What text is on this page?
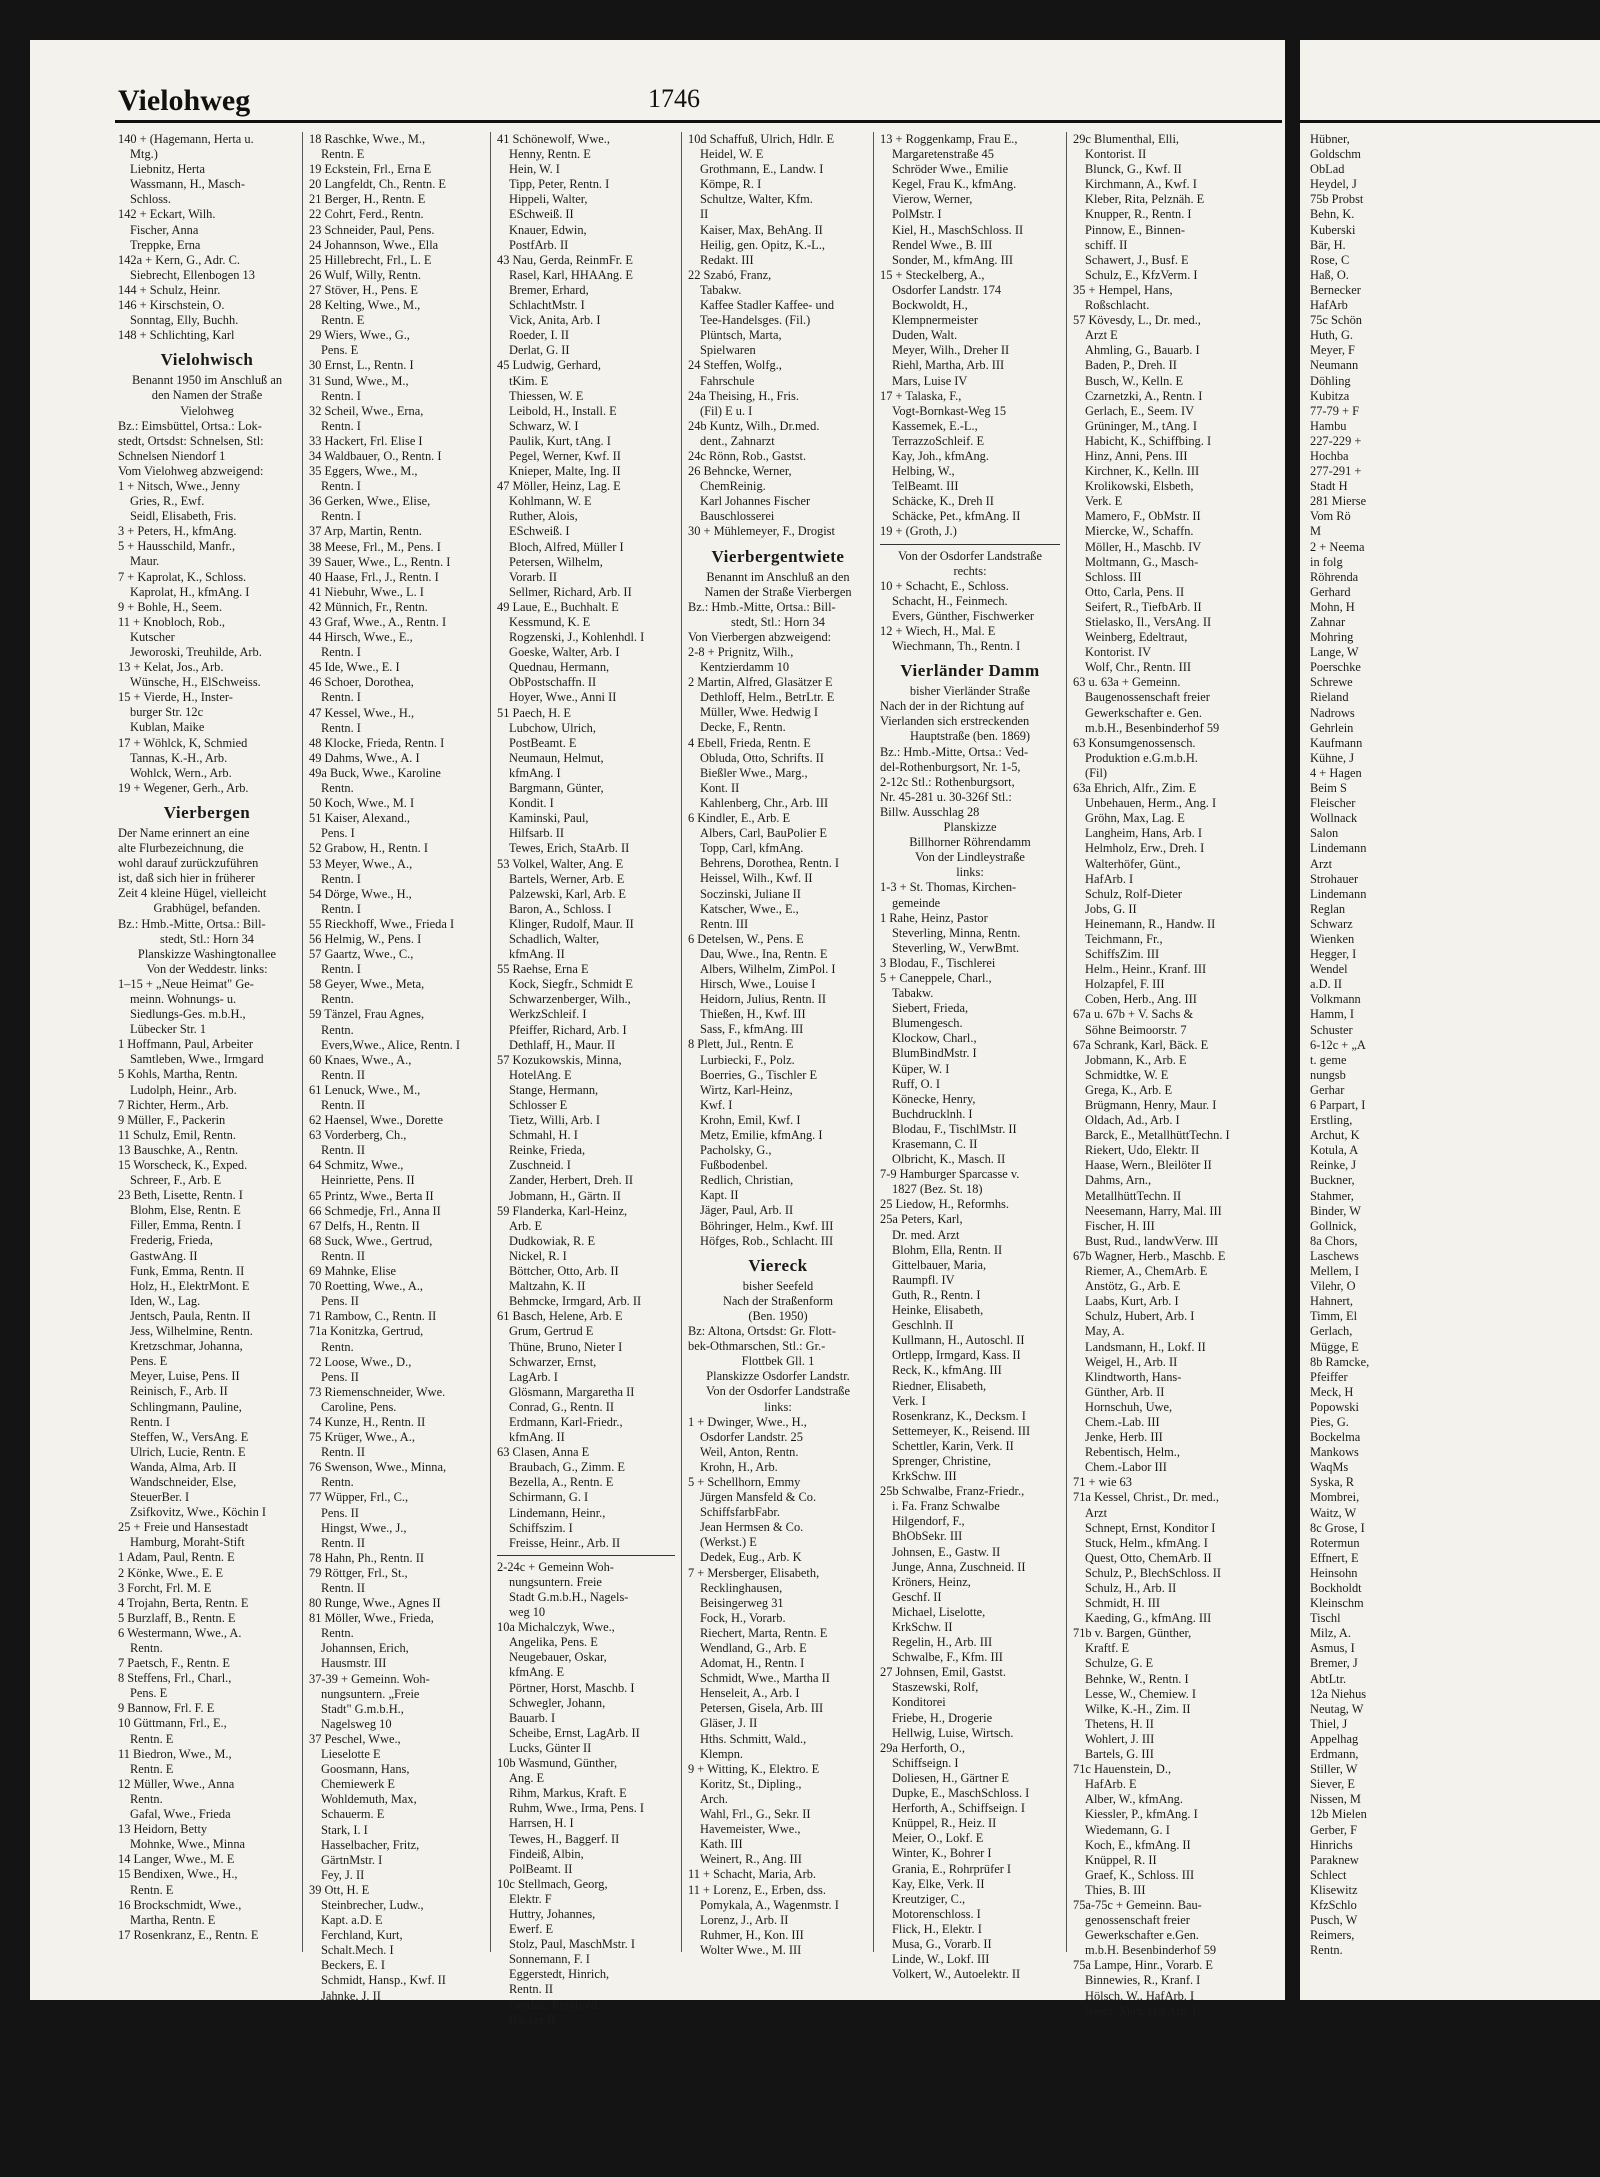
Vielohweg	1746
140 + (Hagemann, Herta u.
Mtg.)
Liebnitz, Herta
Wassmann, H., Masch-
Schloss.
142 + Eckart, Wilh.
Fischer, Anna
Treppke, Erna
142a + Kern, G., Adr. C.
Siebrecht, Ellenbogen 13
144 + Schulz, Heinr.
146 + Kirschstein, O.
Sonntag, Elly, Buchh.
148 + Schlichting, Karl
Vielohwisch
Benannt 1950 im Anschluß an
den Namen der Straße
Vielohweg
Bz.: Eimsbüttel, Ortsa.: Lok-
stedt, Ortsdst: Schnelsen, Stl:
Schnelsen Niendorf 1
Vom Vielohweg abzweigend:
1 + Nitsch, Wwe., Jenny
Gries, R., Ewf.
Seidl, Elisabeth, Fris.
3 + Peters, H., kfmAng.
5 + Hausschild, Manfr.,
Maur.
7 + Kaprolat, K., Schloss.
Kaprolat, H., kfmAng. I
9 + Bohle, H., Seem.
11 + Knobloch, Rob.,
Kutscher
Jeworoski, Treuhilde, Arb.
13 + Kelat, Jos., Arb.
Wünsche, H., ElSchweiss.
15 + Vierde, H., Inster-
burger Str. 12c
Kublan, Maike
17 + Wöhlck, K, Schmied
Tannas, K.-H., Arb.
Wohlck, Wern., Arb.
19 + Wegener, Gerh., Arb.
Vierbergen
Der Name erinnert an eine
alte Flurbezeichnung, die
wohl darauf zurückzuführen
ist, daß sich hier in früherer
Zeit 4 kleine Hügel, vielleicht
Grabhügel, befanden.
Bz.: Hmb.-Mitte, Ortsa.: Bill-
stedt, Stl.: Horn 34
Planskizze Washingtonallee
Von der Weddestr. links:
1–15 + „Neue Heimat" Ge-
meinn. Wohnungs- u.
Siedlungs-Ges. m.b.H.,
Lübecker Str. 1
1 Hoffmann, Paul, Arbeiter
Samtleben, Wwe., Irmgard
5 Kohls, Martha, Rentn.
Ludolph, Heinr., Arb.
7 Richter, Herm., Arb.
9 Müller, F., Packerin
11 Schulz, Emil, Rentn.
13 Bauschke, A., Rentn.
15 Worscheck, K., Exped.
Schreer, F., Arb. E
23 Beth, Lisette, Rentn. I
Blohm, Else, Rentn. E
Filler, Emma, Rentn. I
Frederig, Frieda,
GastwAng. II
Funk, Emma, Rentn. II
Holz, H., ElektrMont. E
Iden, W., Lag.
Jentsch, Paula, Rentn. II
Jess, Wilhelmine, Rentn.
Kretzschmar, Johanna,
Pens. E
Meyer, Luise, Pens. II
Reinisch, F., Arb. II
Schlingmann, Pauline,
Rentn. I
Steffen, W., VersAng. E
Ulrich, Lucie, Rentn. E
Wanda, Alma, Arb. II
Wandschneider, Else,
SteuerBer. I
Zsifkovitz, Wwe., Köchin I
25 + Freie und Hansestadt
Hamburg, Moraht-Stift
1 Adam, Paul, Rentn. E
2 Könke, Wwe., E. E
3 Forcht, Frl. M. E
4 Trojahn, Berta, Rentn. E
5 Burzlaff, B., Rentn. E
6 Westermann, Wwe., A.
Rentn.
7 Paetsch, F., Rentn. E
8 Steffens, Frl., Charl.,
Pens. E
9 Bannow, Frl. F. E
10 Güttmann, Frl., E.,
Rentn. E
11 Biedron, Wwe., M.,
Rentn. E
12 Müller, Wwe., Anna
Rentn.
Gafal, Wwe., Frieda
13 Heidorn, Betty
Mohnke, Wwe., Minna
14 Langer, Wwe., M. E
15 Bendixen, Wwe., H.,
Rentn. E
16 Brockschmidt, Wwe.,
Martha, Rentn. E
17 Rosenkranz, E., Rentn. E
18 Raschke, Wwe., M.,
Rentn. E
19 Eckstein, Frl., Erna E
20 Langfeldt, Ch., Rentn. E
21 Berger, H., Rentn. E
22 Cohrt, Ferd., Rentn.
23 Schneider, Paul, Pens.
24 Johannson, Wwe., Ella
25 Hillebrecht, Frl., L. E
26 Wulf, Willy, Rentn.
27 Stöver, H., Pens. E
28 Kelting, Wwe., M.,
Rentn. E
29 Wiers, Wwe., G.,
Pens. E
30 Ernst, L., Rentn. I
31 Sund, Wwe., M.,
Rentn. I
32 Scheil, Wwe., Erna,
Rentn. I
33 Hackert, Frl. Elise I
34 Waldbauer, O., Rentn. I
35 Eggers, Wwe., M.,
Rentn. I
36 Gerken, Wwe., Elise,
Rentn. I
37 Arp, Martin, Rentn.
38 Meese, Frl., M., Pens. I
39 Sauer, Wwe., L., Rentn. I
40 Haase, Frl., J., Rentn. I
41 Niebuhr, Wwe., L. I
42 Münnich, Fr., Rentn.
43 Graf, Wwe., A., Rentn. I
44 Hirsch, Wwe., E.,
Rentn. I
45 Ide, Wwe., E. I
46 Schoer, Dorothea,
Rentn. I
47 Kessel, Wwe., H.,
Rentn. I
48 Klocke, Frieda, Rentn. I
49 Dahms, Wwe., A. I
49a Buck, Wwe., Karoline
Rentn.
50 Koch, Wwe., M. I
51 Kaiser, Alexand.,
Pens. I
52 Grabow, H., Rentn. I
53 Meyer, Wwe., A.,
Rentn. I
54 Dörge, Wwe., H.,
Rentn. I
55 Rieckhoff, Wwe., Frieda I
56 Helmig, W., Pens. I
57 Gaartz, Wwe., C.,
Rentn. I
58 Geyer, Wwe., Meta,
Rentn.
59 Tänzel, Frau Agnes,
Rentn.
Evers,Wwe., Alice, Rentn. I
60 Knaes, Wwe., A.,
Rentn. II
61 Lenuck, Wwe., M.,
Rentn. II
62 Haensel, Wwe., Dorette
63 Vorderberg, Ch.,
Rentn. II
64 Schmitz, Wwe.,
Heinriette, Pens. II
65 Printz, Wwe., Berta II
66 Schmedje, Frl., Anna II
67 Delfs, H., Rentn. II
68 Suck, Wwe., Gertrud,
Rentn. II
69 Mahnke, Elise
70 Roetting, Wwe., A.,
Pens. II
71 Rambow, C., Rentn. II
71a Konitzka, Gertrud,
Rentn.
72 Loose, Wwe., D.,
Pens. II
73 Riemenschneider, Wwe.
Caroline, Pens.
74 Kunze, H., Rentn. II
75 Krüger, Wwe., A.,
Rentn. II
76 Swenson, Wwe., Minna,
Rentn.
77 Wüpper, Frl., C.,
Pens. II
Hingst, Wwe., J.,
Rentn. II
78 Hahn, Ph., Rentn. II
79 Röttger, Frl., St.,
Rentn. II
80 Runge, Wwe., Agnes II
81 Möller, Wwe., Frieda,
Rentn.
Johannsen, Erich,
Hausmstr. III
37-39 + Gemeinn. Woh-
nungsuntern. „Freie
Stadt" G.m.b.H.,
Nagelsweg 10
37 Peschel, Wwe.,
Lieselotte E
Goosmann, Hans,
Chemiewerk E
Wohldemuth, Max,
Schauerm. E
Stark, I. I
Hasselbacher, Fritz,
GärtnMstr. I
Fey, J. II
39 Ott, H. E
Steinbrecher, Ludw.,
Kapt. a.D. E
Ferchland, Kurt,
Schalt.Mech. I
Beckers, E. I
Schmidt, Hansp., Kwf. II
Jahnke, J. II
41 Schönewolf, Wwe.,
Henny, Rentn. E
Hein, W. I
Tipp, Peter, Rentn. I
Hippeli, Walter,
ESchweiß. II
Knauer, Edwin,
PostfArb. II
43 Nau, Gerda, ReinmFr. E
Rasel, Karl, HHAAng. E
Bremer, Erhard,
SchlachtMstr. I
Vick, Anita, Arb. I
Roeder, I. II
Derlat, G. II
45 Ludwig, Gerhard,
tKim. E
Thiessen, W. E
Leibold, H., Install. E
Schwarz, W. I
Paulik, Kurt, tAng. I
Pegel, Werner, Kwf. II
Knieper, Malte, Ing. II
47 Möller, Heinz, Lag. E
Kohlmann, W. E
Ruther, Alois,
ESchweiß. I
Bloch, Alfred, Müller I
Petersen, Wilhelm,
Vorarb. II
Sellmer, Richard, Arb. II
49 Laue, E., Buchhalt. E
Kessmund, K. E
Rogzenski, J., Kohlenhdl. I
Goeske, Walter, Arb. I
Quednau, Hermann,
ObPostschaffn. II
Hoyer, Wwe., Anni II
51 Paech, H. E
Lubchow, Ulrich,
PostBeamt. E
Neumaun, Helmut,
kfmAng. I
Bargmann, Günter,
Kondit. I
Kaminski, Paul,
Hilfsarb. II
Tewes, Erich, StaArb. II
53 Volkel, Walter, Ang. E
Bartels, Werner, Arb. E
Palzewski, Karl, Arb. E
Baron, A., Schloss. I
Klinger, Rudolf, Maur. II
Schadlich, Walter,
kfmAng. II
55 Raehse, Erna E
Kock, Siegfr., Schmidt E
Schwarzenberger, Wilh.,
WerkzSchleif. I
Pfeiffer, Richard, Arb. I
Dethlaff, H., Maur. II
57 Kozukowskis, Minna,
HotelAng. E
Stange, Hermann,
Schlosser E
Tietz, Willi, Arb. I
Schmahl, H. I
Reinke, Frieda,
Zuschneid. I
Zander, Herbert, Dreh. II
Jobmann, H., Gärtn. II
59 Flanderka, Karl-Heinz,
Arb. E
Dudkowiak, R. E
Nickel, R. I
Böttcher, Otto, Arb. II
Maltzahn, K. II
Behmcke, Irmgard, Arb. II
61 Basch, Helene, Arb. E
Grum, Gertrud E
Thüne, Bruno, Nieter I
Schwarzer, Ernst,
LagArb. I
Glösmann, Margaretha II
Conrad, G., Rentn. II
Erdmann, Karl-Friedr.,
kfmAng. II
63 Clasen, Anna E
Braubach, G., Zimm. E
Bezella, A., Rentn. E
Schirmann, G. I
Lindemann, Heinr.,
Schiffszim. I
Freisse, Heinr., Arb. II
2-24c + Gemeinn Woh-
nungsuntern. Freie
Stadt G.m.b.H., Nagels-
weg 10
10a Michalczyk, Wwe.,
Angelika, Pens. E
Neugebauer, Oskar,
kfmAng. E
Pörtner, Horst, Maschb. I
Schwegler, Johann,
Bauarb. I
Scheibe, Ernst, LagArb. II
Lucks, Günter II
10b Wasmund, Günther,
Ang. E
Rihm, Markus, Kraft. E
Ruhm, Wwe., Irma, Pens. I
Harrsen, H. I
Tewes, H., Baggerf. II
Findeiß, Albin,
PolBeamt. II
10c Stellmach, Georg,
Elektr. F
Huttry, Johannes,
Ewerf. E
Stolz, Paul, MaschMstr. I
Sonnemann, F. I
Eggerstedt, Hinrich,
Rentn. II
Gerdau, Reinhold,
Bäcker II
10d Schaffuß, Ulrich, Hdlr. E
Heidel, W. E
Grothmann, E., Landw. I
Kömpe, R. I
Schultze, Walter, Kfm.
II
Kaiser, Max, BehAng. II
Heilig, gen. Opitz, K.-L.,
Redakt. III
22 Szabó, Franz,
Tabakw.
Kaffee Stadler Kaffee- und
Tee-Handelsges. (Fil.)
Plüntsch, Marta,
Spielwaren
24 Steffen, Wolfg.,
Fahrschule
24a Theising, H., Fris.
(Fil) E u. I
24b Kuntz, Wilh., Dr.med.
dent., Zahnarzt
24c Rönn, Rob., Gastst.
26 Behncke, Werner,
ChemReinig.
Karl Johannes Fischer
Bauschlosserei
30 + Mühlemeyer, F., Drogist
Vierbergentwiete
Benannt im Anschluß an den
Namen der Straße Vierbergen
Bz.: Hmb.-Mitte, Ortsa.: Bill-
stedt, Stl.: Horn 34
Von Vierbergen abzweigend:
2-8 + Prignitz, Wilh.,
Kentzierdamm 10
2 Martin, Alfred, Glasätzer E
Dethloff, Helm., BetrLtr. E
Müller, Wwe. Hedwig I
Decke, F., Rentn.
4 Ebell, Frieda, Rentn. E
Obluda, Otto, Schrifts. II
Bießler Wwe., Marg.,
Kont. II
Kahlenberg, Chr., Arb. III
6 Kindler, E., Arb. E
Albers, Carl, BauPolier E
Topp, Carl, kfmAng.
Behrens, Dorothea, Rentn. I
Heissel, Wilh., Kwf. II
Soczinski, Juliane II
Katscher, Wwe., E.,
Rentn. III
6 Detelsen, W., Pens. E
Dau, Wwe., Ina, Rentn. E
Albers, Wilhelm, ZimPol. I
Hirsch, Wwe., Louise I
Heidorn, Julius, Rentn. II
Thießen, H., Kwf. III
Sass, F., kfmAng. III
8 Plett, Jul., Rentn. E
Lurbiecki, F., Polz.
Boerries, G., Tischler E
Wirtz, Karl-Heinz,
Kwf. I
Krohn, Emil, Kwf. I
Metz, Emilie, kfmAng. I
Pacholsky, G.,
Fußbodenbel.
Redlich, Christian,
Kapt. II
Jäger, Paul, Arb. II
Böhringer, Helm., Kwf. III
Höfges, Rob., Schlacht. III
Viereck
bisher Seefeld
Nach der Straßenform
(Ben. 1950)
Bz: Altona, Ortsdst: Gr. Flott-
bek-Othmarschen, Stl.: Gr.-
Flottbek Gll. 1
Planskizze Osdorfer Landstr.
Von der Osdorfer Landstraße
links:
1 + Dwinger, Wwe., H.,
Osdorfer Landstr. 25
Weil, Anton, Rentn.
Krohn, H., Arb.
5 + Schellhorn, Emmy
Jürgen Mansfeld & Co.
SchiffsfarbFabr.
Jean Hermsen & Co.
(Werkst.) E
Dedek, Eug., Arb. K
7 + Mersberger, Elisabeth,
Recklinghausen,
Beisingerweg 31
Fock, H., Vorarb.
Riechert, Marta, Rentn. E
Wendland, G., Arb. E
Adomat, H., Rentn. I
Schmidt, Wwe., Martha II
Henseleit, A., Arb. I
Petersen, Gisela, Arb. III
Gläser, J. II
Hths. Schmitt, Wald.,
Klempn.
9 + Witting, K., Elektro. E
Koritz, St., Dipling.,
Arch.
Wahl, Frl., G., Sekr. II
Havemeister, Wwe.,
Kath. III
Weinert, R., Ang. III
11 + Schacht, Maria, Arb.
11 + Lorenz, E., Erben, dss.
Pomykala, A., Wagenmstr. I
Lorenz, J., Arb. II
Ruhmer, H., Kon. III
Wolter Wwe., M. III
13 + Roggenkamp, Frau E.,
Margaretenstraße 45
Schröder Wwe., Emilie
Kegel, Frau K., kfmAng.
Vierow, Werner,
PolMstr. I
Kiel, H., MaschSchloss. II
Rendel Wwe., B. III
Sonder, M., kfmAng. III
15 + Steckelberg, A.,
Osdorfer Landstr. 174
Bockwoldt, H.,
Klempnermeister
Duden, Walt.
Meyer, Wilh., Dreher II
Riehl, Martha, Arb. III
Mars, Luise IV
17 + Talaska, F.,
Vogt-Bornkast-Weg 15
Kassemek, E.-L.,
TerrazzoSchleif. E
Kay, Joh., kfmAng.
Helbing, W.,
TelBeamt. III
Schäcke, K., Dreh II
Schäcke, Pet., kfmAng. II
19 + (Groth, J.)
Von der Osdorfer Landstraße
rechts:
10 + Schacht, E., Schloss.
Schacht, H., Feinmech.
Evers, Günther, Fischwerker
12 + Wiech, H., Mal. E
Wiechmann, Th., Rentn. I
Vierländer Damm
bisher Vierländer Straße
Nach der in der Richtung auf
Vierlanden sich erstreckenden
Hauptstraße (ben. 1869)
Bz.: Hmb.-Mitte, Ortsa.: Ved-
del-Rothenburgsort, Nr. 1-5,
2-12c Stl.: Rothenburgsort,
Nr. 45-281 u. 30-326f Stl.:
Billw. Ausschlag 28
Planskizze
Billhorner Röhrendamm
Von der Lindleystraße
links:
1-3 + St. Thomas, Kirchen-
gemeinde
1 Rahe, Heinz, Pastor
Steverling, Minna, Rentn.
Steverling, W., VerwBmt.
3 Blodau, F., Tischlerei
5 + Caneppele, Charl.,
Tabakw.
Siebert, Frieda,
Blumengesch.
Klockow, Charl.,
BlumBindMstr. I
Küper, W. I
Ruff, O. I
Könecke, Henry,
Buchdrucklnh. I
Blodau, F., TischlMstr. II
Krasemann, C. II
Olbricht, K., Masch. II
7-9 Hamburger Sparcasse v.
1827 (Bez. St. 18)
25 Liedow, H., Reformhs.
25a Peters, Karl,
Dr. med. Arzt
Blohm, Ella, Rentn. II
Gittelbauer, Maria,
Raumpfl. IV
Guth, R., Rentn. I
Heinke, Elisabeth,
Geschlnh. II
Kullmann, H., Autoschl. II
Ortlepp, Irmgard, Kass. II
Reck, K., kfmAng. III
Riedner, Elisabeth,
Verk. I
Rosenkranz, K., Decksm. I
Settemeyer, K., Reisend. III
Schettler, Karin, Verk. II
Sprenger, Christine,
KrkSchw. III
25b Schwalbe, Franz-Friedr.,
i. Fa. Franz Schwalbe
Hilgendorf, F.,
BhObSekr. III
Johnsen, E., Gastw. II
Junge, Anna, Zuschneid. II
Kröners, Heinz,
Geschf. II
Michael, Liselotte,
KrkSchw. II
Regelin, H., Arb. III
Schwalbe, F., Kfm. III
27 Johnsen, Emil, Gastst.
Staszewski, Rolf,
Konditorei
Friebe, H., Drogerie
Hellwig, Luise, Wirtsch.
29a Herforth, O.,
Schiffseign. I
Doliesen, H., Gärtner E
Dupke, E., MaschSchloss. I
Herforth, A., Schiffseign. I
Knüppel, R., Heiz. II
Meier, O., Lokf. E
Winter, K., Bohrer I
Grania, E., Rohrprüfer I
Kay, Elke, Verk. II
Kreutziger, C.,
Motorenschloss. I
Flick, H., Elektr. I
Musa, G., Vorarb. II
Linde, W., Lokf. III
Volkert, W., Autoelektr. II
29c Blumenthal, Elli,
Kontorist. II
Blunck, G., Kwf. II
Kirchmann, A., Kwf. I
Kleber, Rita, Pelznäh. E
Knupper, R., Rentn. I
Pinnow, E., Binnen-
schiff. II
Schawert, J., Busf. E
Schulz, E., KfzVerm. I
35 + Hempel, Hans,
Roßschlacht.
57 Kövesdy, L., Dr. med.,
Arzt E
Ahmling, G., Bauarb. I
Baden, P., Dreh. II
Busch, W., Kelln. E
Czarnetzki, A., Rentn. I
Gerlach, E., Seem. IV
Grüninger, M., tAng. I
Habicht, K., Schiffbing. I
Hinz, Anni, Pens. III
Kirchner, K., Kelln. III
Krolikowski, Elsbeth,
Verk. E
Mamero, F., ObMstr. II
Miercke, W., Schaffn.
Möller, H., Maschb. IV
Moltmann, G., Masch-
Schloss. III
Otto, Carla, Pens. II
Seifert, R., TiefbArb. II
Stielasko, Il., VersAng. II
Weinberg, Edeltraut,
Kontorist. IV
Wolf, Chr., Rentn. III
63 u. 63a + Gemeinn.
Baugenossenschaft freier
Gewerkschafter e. Gen.
m.b.H., Besenbinderhof 59
63 Konsumgenossensch.
Produktion e.G.m.b.H.
(Fil)
63a Ehrich, Alfr., Zim. E
Unbehauen, Herm., Ang. I
Gröhn, Max, Lag. E
Langheim, Hans, Arb. I
Helmholz, Erw., Dreh. I
Walterhöfer, Günt.,
HafArb. I
Schulz, Rolf-Dieter
Jobs, G. II
Heinemann, R., Handw. II
Teichmann, Fr.,
SchiffsZim. III
Helm., Heinr., Kranf. III
Holzapfel, F. III
Coben, Herb., Ang. III
67a u. 67b + V. Sachs &
Söhne Beimoorstr. 7
67a Schrank, Karl, Bäck. E
Jobmann, K., Arb. E
Schmidtke, W. E
Grega, K., Arb. E
Brügmann, Henry, Maur. I
Oldach, Ad., Arb. I
Barck, E., MetallhüttTechn. I
Riekert, Udo, Elektr. II
Haase, Wern., Bleilöter II
Dahms, Arn.,
MetallhüttTechn. II
Neesemann, Harry, Mal. III
Fischer, H. III
Bust, Rud., landwVerw. III
67b Wagner, Herb., Maschb. E
Riemer, A., ChemArb. E
Anstötz, G., Arb. E
Laabs, Kurt, Arb. I
Schulz, Hubert, Arb. I
May, A.
Landsmann, H., Lokf. II
Weigel, H., Arb. II
Klindtworth, Hans-
Günther, Arb. II
Hornschuh, Uwe,
Chem.-Lab. III
Jenke, Herb. III
Rebentisch, Helm.,
Chem.-Labor III
71 + wie 63
71a Kessel, Christ., Dr. med.,
Arzt
Schnept, Ernst, Konditor I
Stuck, Helm., kfmAng. I
Quest, Otto, ChemArb. II
Schulz, P., BlechSchloss. II
Schulz, H., Arb. II
Schmidt, H. III
Kaeding, G., kfmAng. III
71b v. Bargen, Günther,
Kraftf. E
Schulze, G. E
Behnke, W., Rentn. I
Lesse, W., Chemiew. I
Wilke, K.-H., Zim. II
Thetens, H. II
Wohlert, J. III
Bartels, G. III
71c Hauenstein, D.,
HafArb. E
Alber, W., kfmAng.
Kiessler, P., kfmAng. I
Wiedemann, G. I
Koch, E., kfmAng. II
Knüppel, R. II
Graef, K., Schloss. III
Thies, B. III
75a-75c + Gemeinn. Bau-
genossenschaft freier
Gewerkschafter e.Gen.
m.b.H. Besenbinderhof 59
75a Lampe, Hinr., Vorarb. E
Binnewies, R., Kranf. I
Hölsch, W., HafArb. I
Reetz, Max, HafArb. II
Hübner,
Goldschm
ObLad
Heydel, J
75b Probst
Behn, K.
Kuberski
Bär, H.
Rose, C
Haß, O.
Bernecker
HafArb
75c Schön
Huth, G.
Meyer, F
Neumann
Döhling
Kubitza
77-79 + F
Hambu
227-229 +
Hochba
277-291 +
Stadt H
281 Mierse
Vom Rö
M
2 + Neema
in folg
Röhrenda
Gerhard
Mohn, H
Zahnar
Mohring
Lange, W
Poerschke
Schrewe
Rieland
Nadrows
Gehrlein
Kaufmann
Kühne, J
4 + Hagen
Beim S
Fleischer
Wollnack
Salon
Lindemann
Arzt
Strohauer
Lindemann
Reglan
Schwarz
Wienken
Hegger, I
Wendel
a.D. II
Volkmann
Hamm, I
Schuster
6-12c + „A
t. geme
nungsb
Gerhar
6 Parpart, I
Erstling,
Archut, K
Kotula, A
Reinke, J
Buckner,
Stahmer,
Binder, W
Gollnick,
8a Chors,
Laschews
Mellem, I
Vilehr, O
Hahnert,
Timm, El
Gerlach,
Mügge, E
8b Ramcke,
Pfeiffer
Meck, H
Popowski
Pies, G.
Bockelma
Mankows
WaqMs
Syska, R
Mombrei,
Waitz, W
8c Grose, I
Rotermun
Effnert, E
Heinsohn
Bockholdt
Kleinschm
Tischl
Milz, A.
Asmus, I
Bremer, J
AbtLtr.
12a Niehus
Neutag, W
Thiel, J
Appelhag
Erdmann,
Stiller, W
Siever, E
Nissen, M
12b Mielen
Gerber, F
Hinrichs
Paraknew
Schlect
Klisewitz
KfzSchlo
Pusch, W
Reimers,
Rentn.
